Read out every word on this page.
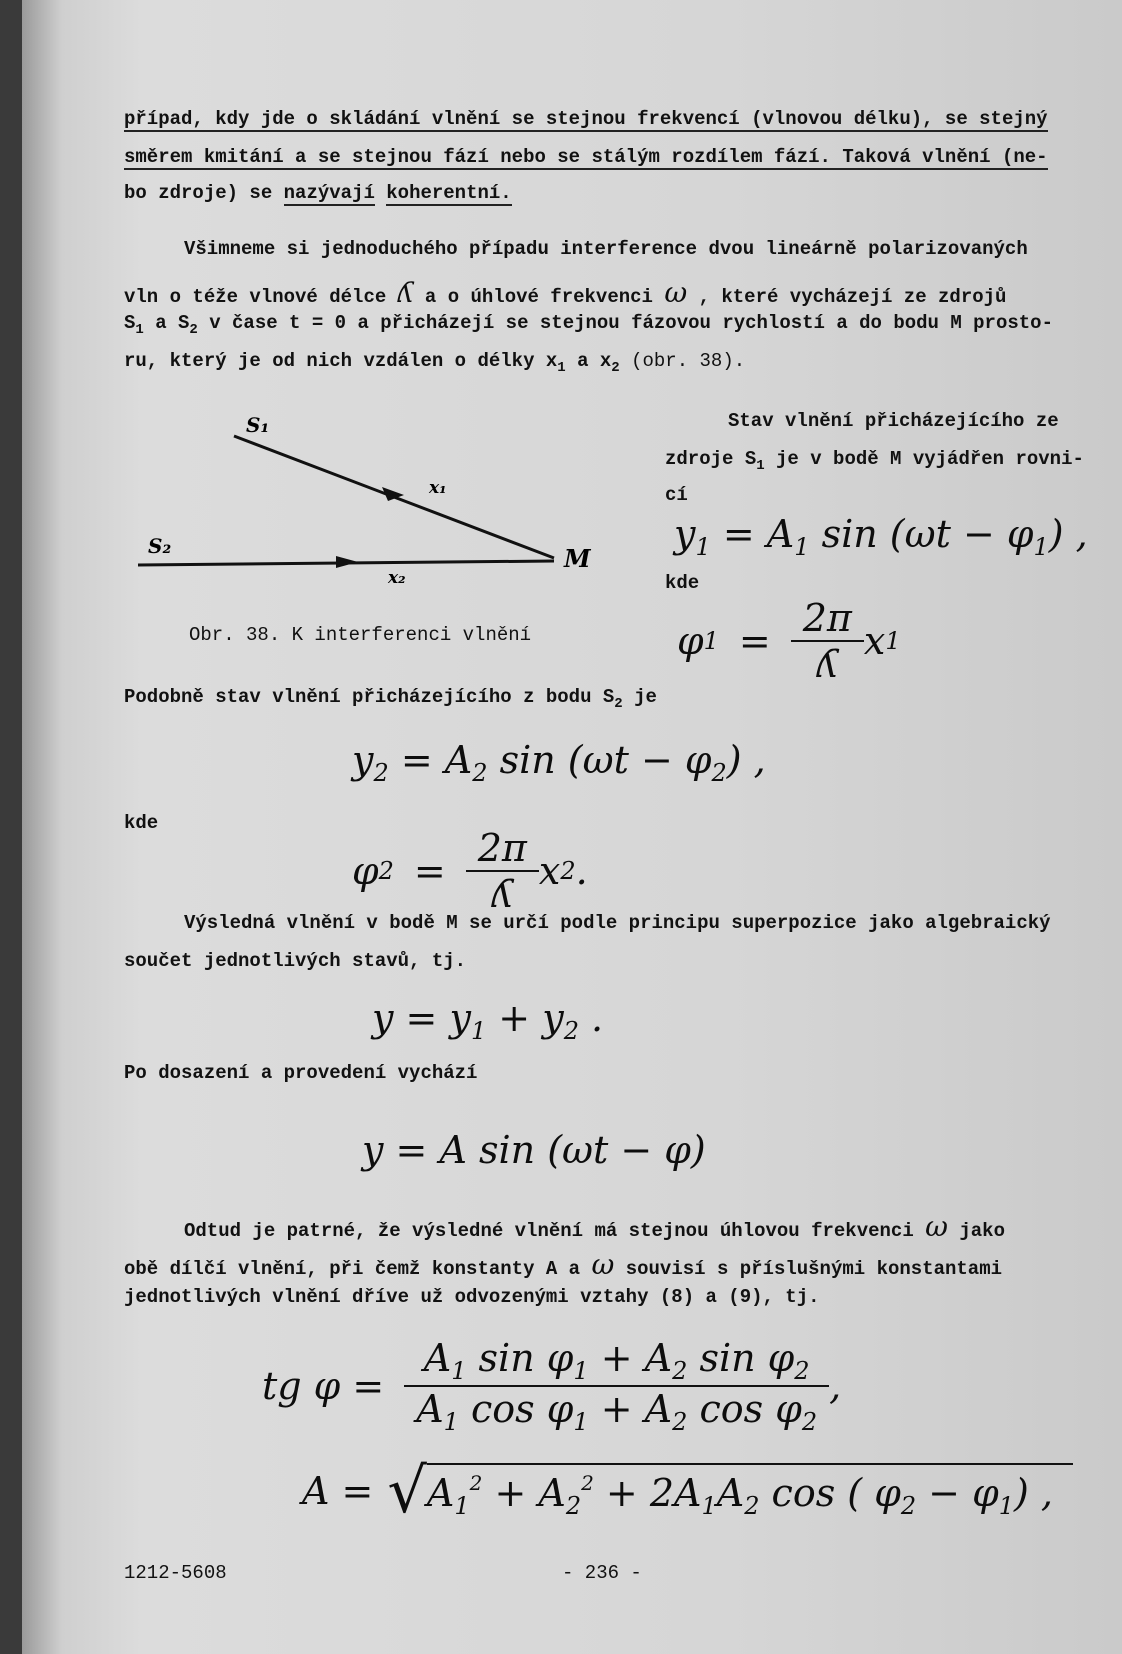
případ, kdy jde o skládání vlnění se stejnou frekvencí (vlnovou délku), se stejný
směrem kmitání a se stejnou fází nebo se stálým rozdílem fází. Taková vlnění (ne-
bo zdroje) se nazývají koherentní.
Všimneme si jednoduchého případu interference dvou lineárně polarizovaných
vln o téže vlnové délce ʎ a o úhlové frekvenci ω , které vycházejí ze zdrojů
$S_1$ a $S_2$ v čase t = 0 a přicházejí se stejnou fázovou rychlostí a do bodu M prosto-
ru, který je od nich vzdálen o délky $x_1$ a $x_2$ (obr. 38).
S₁
S₂
x₁
x₂
M
Obr. 38. K interferenci vlnění
Stav vlnění přicházejícího ze
zdroje $S_1$ je v bodě M vyjádřen rovni-
cí
$y_1 = A_1$ $\sin (\omega t - \varphi_1)$ ,
kde
φ $1 = \frac{2\pi}{\text{ʎ}}$ x 1
Podobně stav vlnění přicházejícího z bodu $S_2$ je
$y_2 = A_2$ $\sin (\omega t - \varphi_2)$ ,
kde
φ $2 = \frac{2\pi}{\text{ʎ}}$ x 2 .
Výsledná vlnění v bodě M se určí podle principu superpozice jako algebraický
součet jednotlivých stavů, tj.
$y = y_1 + y_2$ .
Po dosazení a provedení vychází
y = A sin (ωt − φ)
Odtud je patrné, že výsledné vlnění má stejnou úhlovou frekvenci ω jako
obě dílčí vlnění, při čemž konstanty A a ω souvisí s příslušnými konstantami
jednotlivých vlnění dříve už odvozenými vztahy (8) a (9), tj.
tg $\varphi = \frac{A_1 \sin \varphi_1 + A_2 \sin \varphi_2}{A_1 \cos \varphi_1 + A_2 \cos \varphi_2}$ ,
A = √ $A_1^2 + A_2^2 + 2A_1A_2$ cos ( $\varphi_2 - \varphi_1$) ,
1212-5608	- 236 -
